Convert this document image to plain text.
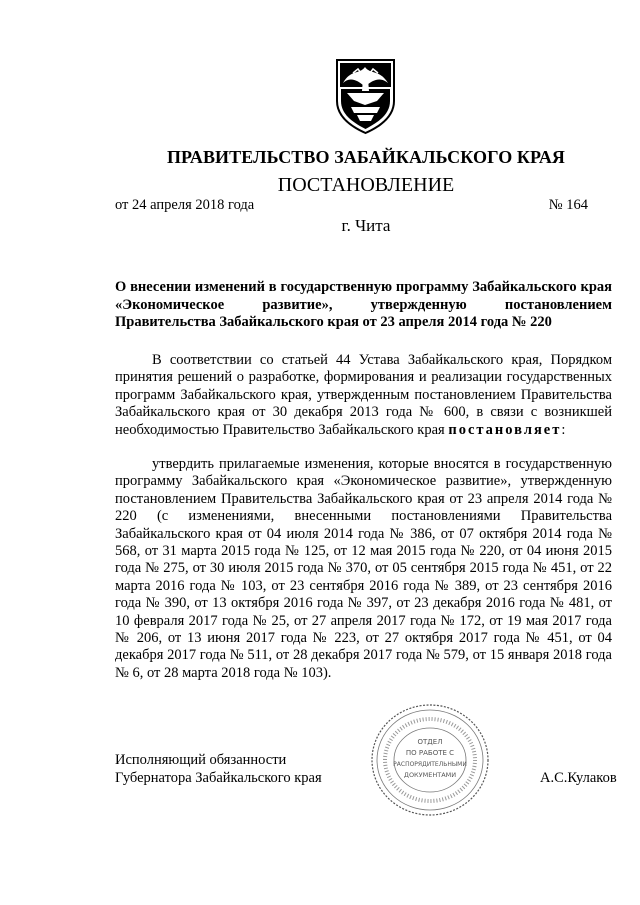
ПРАВИТЕЛЬСТВО ЗАБАЙКАЛЬСКОГО КРАЯ
ПОСТАНОВЛЕНИЕ
от 24 апреля 2018 года	№ 164
г. Чита
О внесении изменений в государственную программу Забайкальского края «Экономическое развитие», утвержденную постановлением Правительства Забайкальского края от 23 апреля 2014 года № 220
В соответствии со статьей 44 Устава Забайкальского края, Порядком принятия решений о разработке, формирования и реализации государственных программ Забайкальского края, утвержденным постановлением Правительства Забайкальского края от 30 декабря 2013 года № 600, в связи с возникшей необходимостью Правительство Забайкальского края постановляет:
утвердить прилагаемые изменения, которые вносятся в государственную программу Забайкальского края «Экономическое развитие», утвержденную постановлением Правительства Забайкальского края от 23 апреля 2014 года № 220 (с изменениями, внесенными постановлениями Правительства Забайкальского края от 04 июля 2014 года № 386, от 07 октября 2014 года № 568, от 31 марта 2015 года № 125, от 12 мая 2015 года № 220, от 04 июня 2015 года № 275, от 30 июля 2015 года № 370, от 05 сентября 2015 года № 451, от 22 марта 2016 года № 103, от 23 сентября 2016 года № 389, от 23 сентября 2016 года № 390, от 13 октября 2016 года № 397, от 23 декабря 2016 года № 481, от 10 февраля 2017 года № 25, от 27 апреля 2017 года № 172, от 19 мая 2017 года № 206, от 13 июня 2017 года № 223, от 27 октября 2017 года № 451, от 04 декабря 2017 года № 511, от 28 декабря 2017 года № 579, от 15 января 2018 года № 6, от 28 марта 2018 года № 103).
Исполняющий обязанности
Губернатора Забайкальского края	А.С.Кулаков
ОТДЕЛ
ПО РАБОТЕ С
РАСПОРЯДИТЕЛЬНЫМИ
ДОКУМЕНТАМИ
